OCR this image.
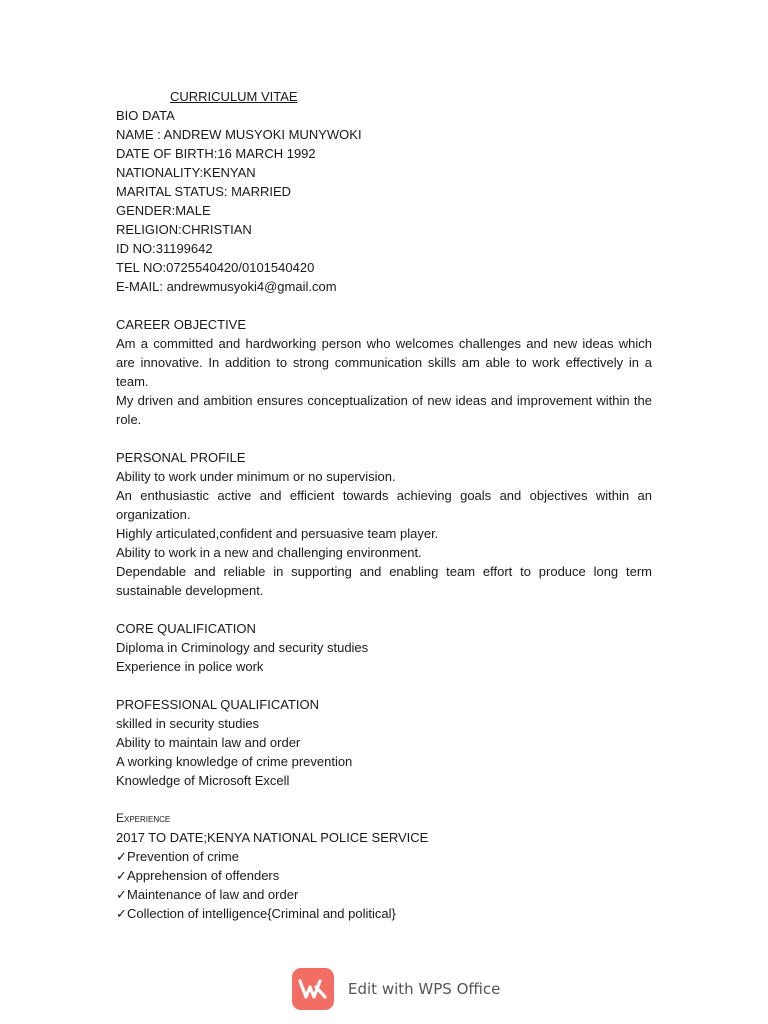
CURRICULUM VITAE
BIO DATA
NAME : ANDREW MUSYOKI MUNYWOKI
DATE OF BIRTH:16 MARCH 1992
NATIONALITY:KENYAN
MARITAL STATUS: MARRIED
GENDER:MALE
RELIGION:CHRISTIAN
ID NO:31199642
TEL NO:0725540420/0101540420
E-MAIL: andrewmusyoki4@gmail.com
CAREER OBJECTIVE
Am a committed and hardworking person who welcomes challenges and new ideas which are innovative. In addition to strong communication skills am able to work effectively in a team.
My driven and ambition ensures conceptualization of new ideas and improvement within the role.
PERSONAL PROFILE
Ability to work under minimum or no supervision.
An enthusiastic active and efficient towards achieving goals and objectives within an organization.
Highly articulated,confident and persuasive team player.
Ability to work in a new and challenging environment.
Dependable and reliable in supporting and enabling team effort to produce long term sustainable development.
CORE QUALIFICATION
Diploma in Criminology and security studies
Experience in police work
PROFESSIONAL QUALIFICATION
skilled in security studies
Ability to maintain law and order
A working knowledge of crime prevention
Knowledge of Microsoft Excell
Experience
2017 TO DATE;KENYA NATIONAL POLICE SERVICE
✓Prevention of crime
✓Apprehension of offenders
✓Maintenance of law and order
✓Collection of intelligence{Criminal and political}
Edit with WPS Office
